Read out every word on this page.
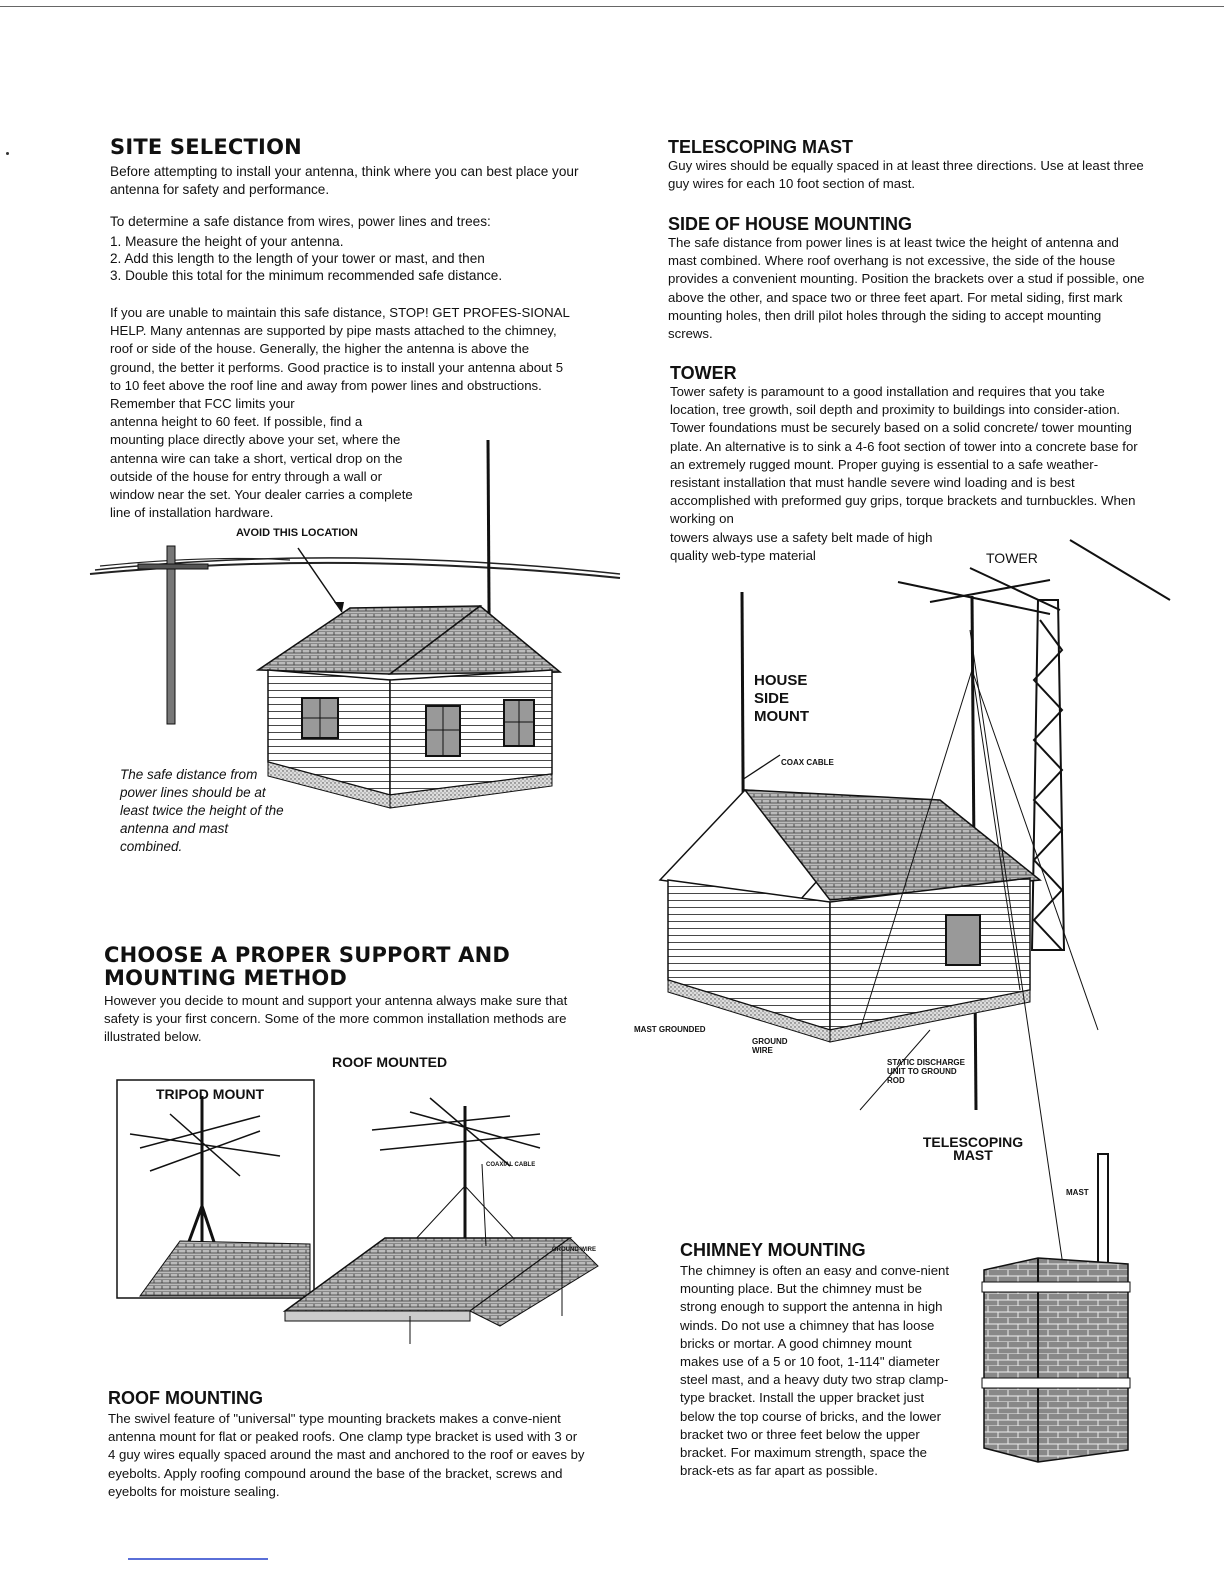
SITE SELECTION

Before attempting to install your antenna, think where you can best place your antenna for safety and performance.

To determine a safe distance from wires, power lines and trees:

1. Measure the height of your antenna.
2. Add this length to the length of your tower or mast, and then
3. Double this total for the minimum recommended safe distance.

If you are unable to maintain this safe distance, STOP! GET PROFES-SIONAL HELP. Many antennas are supported by pipe masts attached to the chimney, roof or side of the house. Generally, the higher the antenna is above the ground, the better it performs. Good practice is to install your antenna about 5 to 10 feet above the roof line and away from power lines and obstructions. Remember that FCC limits your

antenna height to 60 feet. If possible, find a mounting place directly above your set, where the antenna wire can take a short, vertical drop on the outside of the house for entry through a wall or window near the set. Your dealer carries a complete line of installation hardware.

AVOID THIS LOCATION
The safe distance from power lines should be at least twice the height of the antenna and mast combined.
CHOOSE A PROPER SUPPORT AND MOUNTING METHOD

However you decide to mount and support your antenna always make sure that safety is your first concern. Some of the more common installation methods are illustrated below.

ROOF MOUNTED
TRIPOD MOUNT
COAXIAL CABLE
GROUND WIRE
ROOF MOUNTING

The swivel feature of "universal" type mounting brackets makes a conve-nient antenna mount for flat or peaked roofs. One clamp type bracket is used with 3 or 4 guy wires equally spaced around the mast and anchored to the roof or eaves by eyebolts. Apply roofing compound around the base of the bracket, screws and eyebolts for moisture sealing.

TELESCOPING MAST

Guy wires should be equally spaced in at least three directions. Use at least three guy wires for each 10 foot section of mast.

SIDE OF HOUSE MOUNTING

The safe distance from power lines is at least twice the height of antenna and mast combined. Where roof overhang is not excessive, the side of the house provides a convenient mounting. Position the brackets over a stud if possible, one above the other, and space two or three feet apart. For metal siding, first mark mounting holes, then drill pilot holes through the siding to accept mounting screws.

TOWER

Tower safety is paramount to a good installation and requires that you take location, tree growth, soil depth and proximity to buildings into consider-ation. Tower foundations must be securely based on a solid concrete/ tower mounting plate. An alternative is to sink a 4-6 foot section of tower into a concrete base for an extremely rugged mount. Proper guying is essential to a safe weather-resistant installation that must handle severe wind loading and is best accomplished with preformed guy grips, torque brackets and turnbuckles. When working on

towers always use a safety belt made of high quality web-type material	TOWER
HOUSE SIDE MOUNT
COAX CABLE
MAST GROUNDED
GROUND WIRE
STATIC DISCHARGE UNIT TO GROUND ROD
TELESCOPING MAST
MAST
CHIMNEY MOUNTING

The chimney is often an easy and conve-nient mounting place. But the chimney must be strong enough to support the antenna in high winds. Do not use a chimney that has loose bricks or mortar. A good chimney mount makes use of a 5 or 10 foot, 1-114" diameter steel mast, and a heavy duty two strap clamp-type bracket. Install the upper bracket just below the top course of bricks, and the lower bracket two or three feet below the upper bracket. For maximum strength, space the brack-ets as far apart as possible.
